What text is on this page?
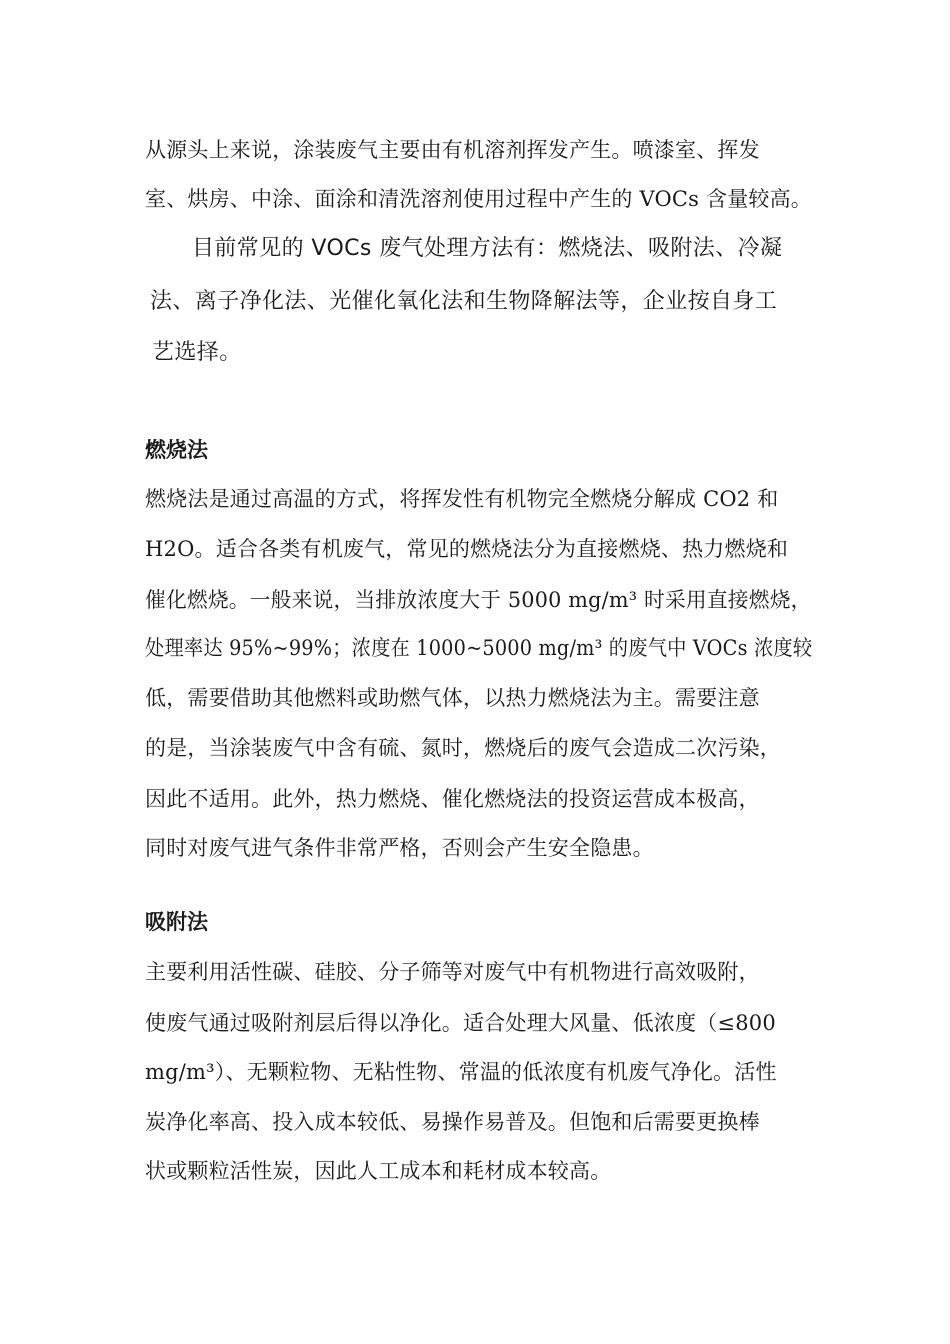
从源头上来说，涂装废气主要由有机溶剂挥发产生。喷漆室、挥发
室、烘房、中涂、面涂和清洗溶剂使用过程中产生的 VOCs 含量较高。
目前常见的 VOCs 废气处理方法有：燃烧法、吸附法、冷凝
法、离子净化法、光催化氧化法和生物降解法等，企业按自身工
艺选择。
燃烧法
燃烧法是通过高温的方式，将挥发性有机物完全燃烧分解成 CO2 和
H2O。适合各类有机废气，常见的燃烧法分为直接燃烧、热力燃烧和
催化燃烧。一般来说，当排放浓度大于 5000 mg/m³ 时采用直接燃烧，
处理率达 95%~99%；浓度在 1000~5000 mg/m³ 的废气中 VOCs 浓度较
低，需要借助其他燃料或助燃气体，以热力燃烧法为主。需要注意
的是，当涂装废气中含有硫、氮时，燃烧后的废气会造成二次污染，
因此不适用。此外，热力燃烧、催化燃烧法的投资运营成本极高，
同时对废气进气条件非常严格，否则会产生安全隐患。
吸附法
主要利用活性碳、硅胶、分子筛等对废气中有机物进行高效吸附，
使废气通过吸附剂层后得以净化。适合处理大风量、低浓度（≤800
mg/m³）、无颗粒物、无粘性物、常温的低浓度有机废气净化。活性
炭净化率高、投入成本较低、易操作易普及。但饱和后需要更换棒
状或颗粒活性炭，因此人工成本和耗材成本较高。
